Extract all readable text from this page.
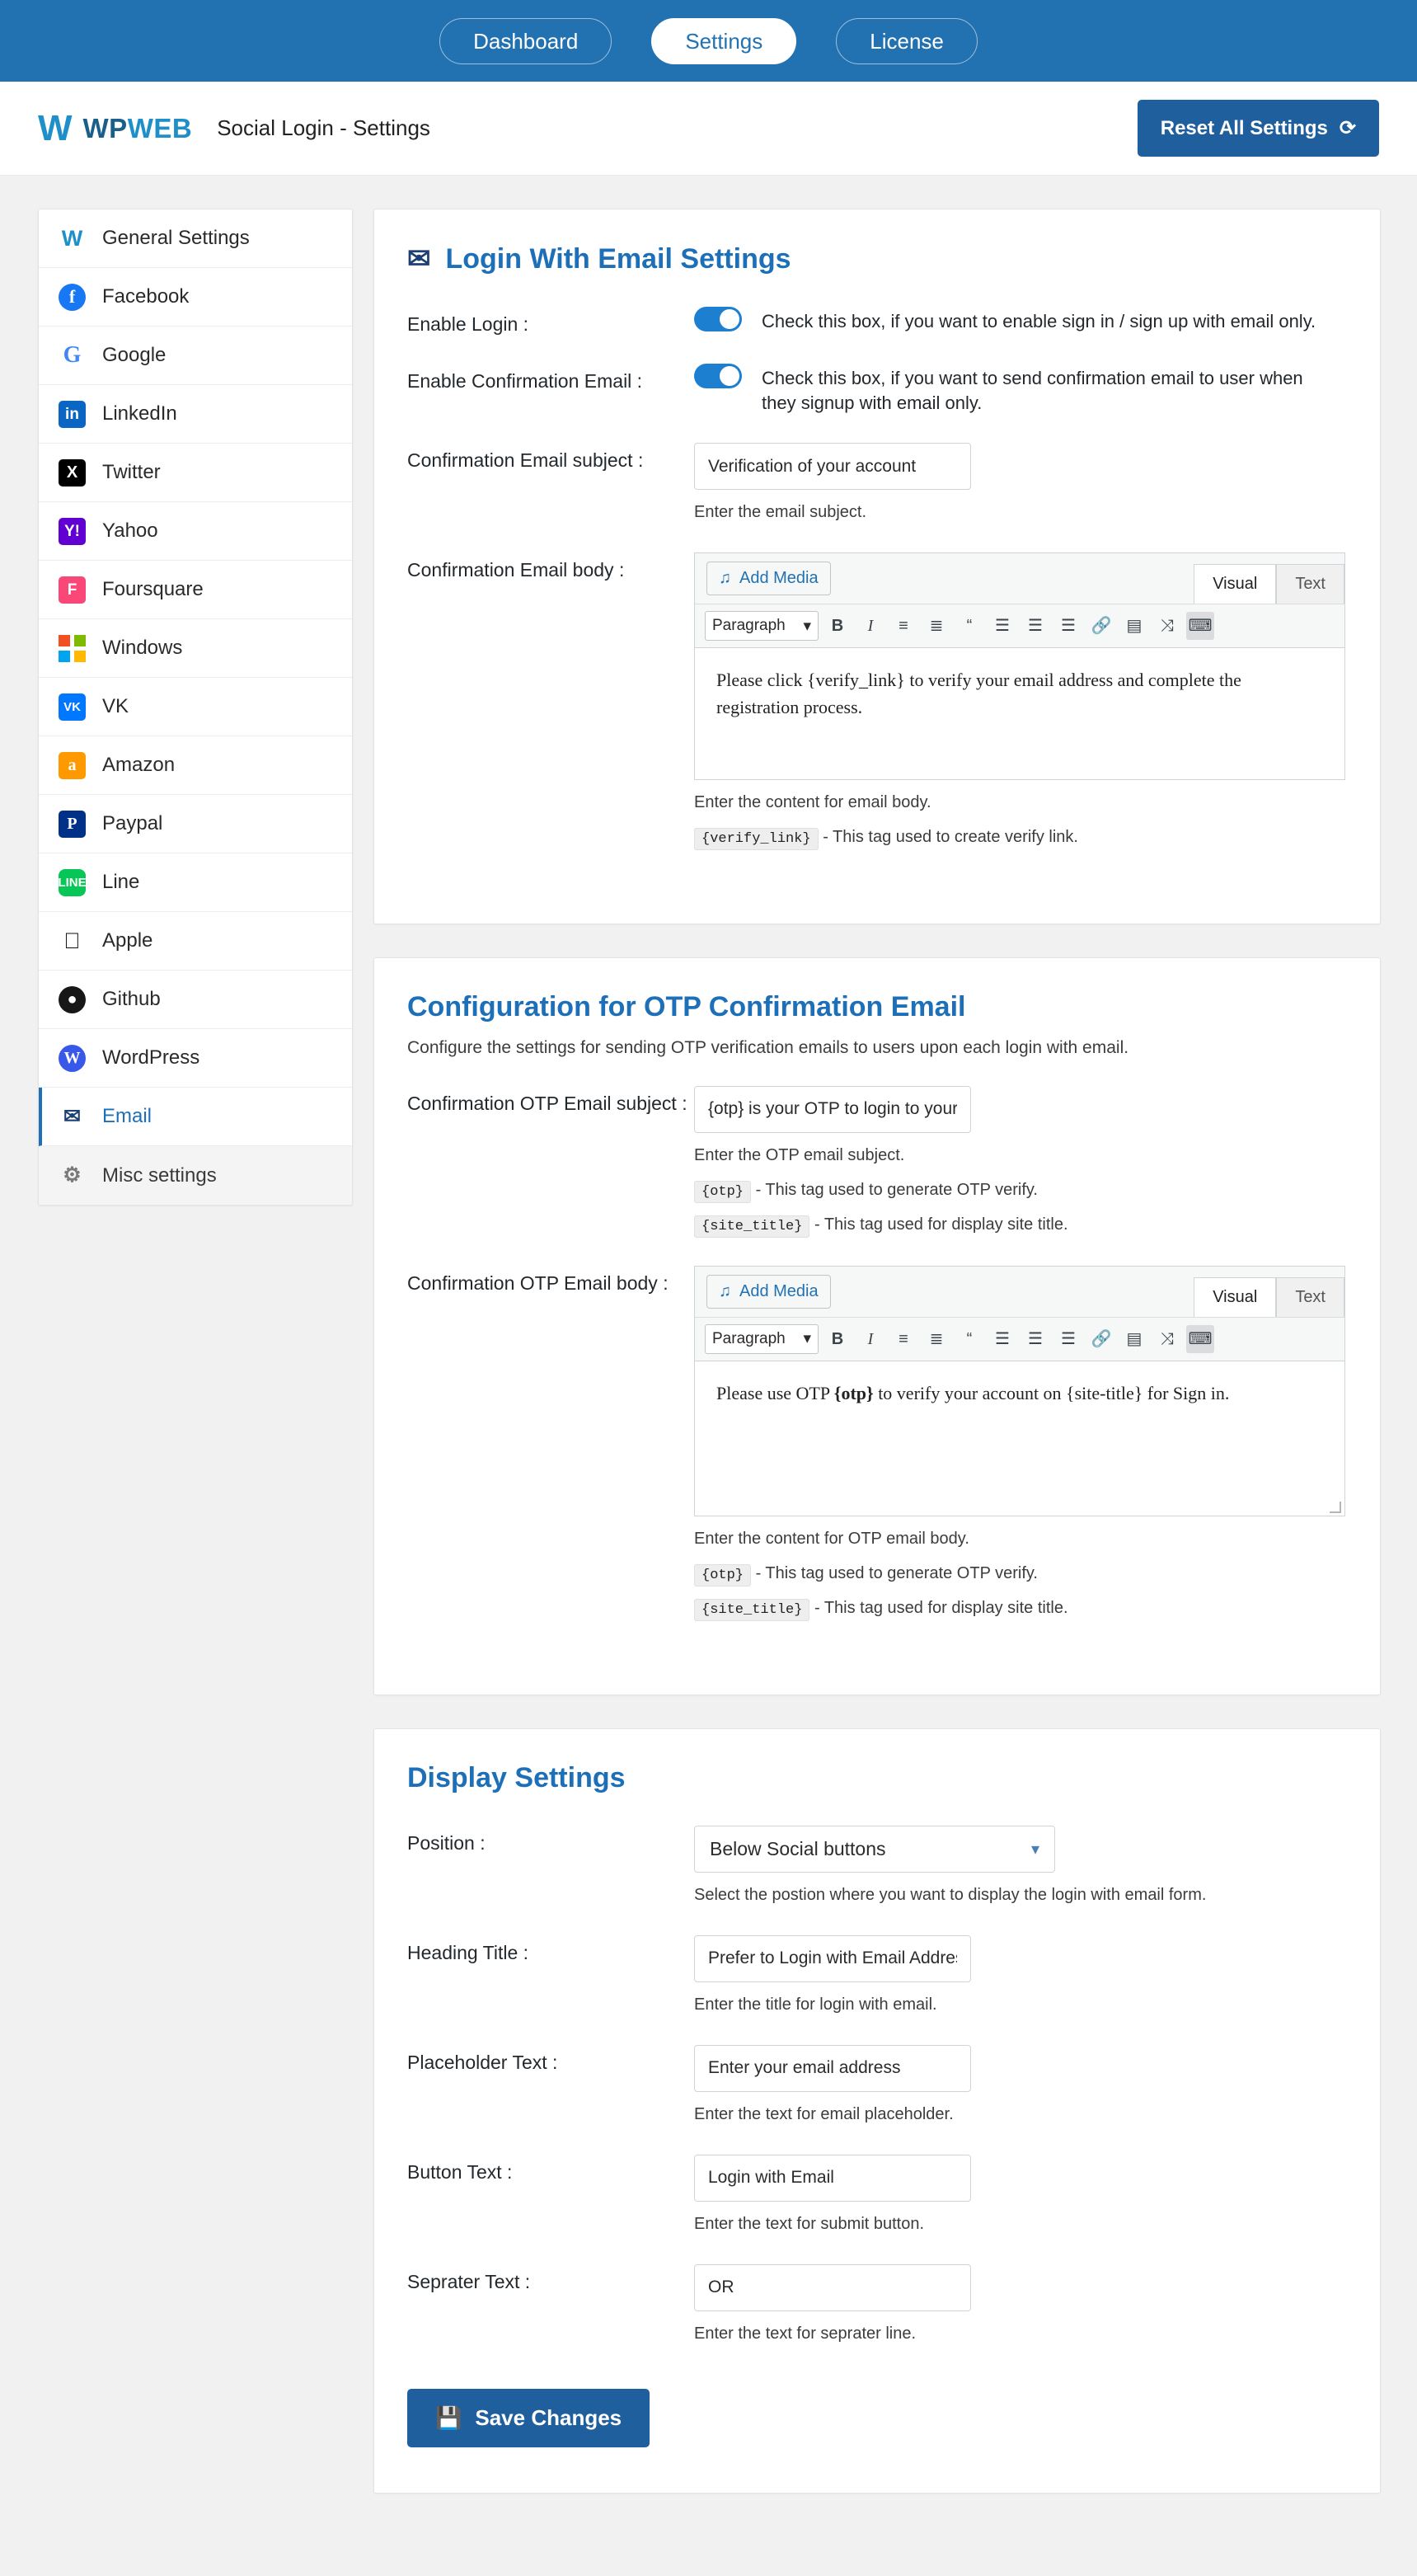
Dashboard	Settings	License
W WPWEB Social Login - Settings	Reset All Settings ⟳
W General Settings
f	Facebook
G Google
in	LinkedIn
X	Twitter
Y! Yahoo
F	Foursquare
Windows
VK VK
a	Amazon
P	Paypal
LINE Line
Apple
●	Github
W WordPress
✉ Email
⚙ Misc settings
✉ Login With Email Settings
Enable Login :	Check this box, if you want to enable sign in / sign up with email only.
Enable Confirmation Email :	Check this box, if you want to send confirmation email to user when they signup with email only.
Confirmation Email subject :
Verification of your account
Enter the email subject.
Confirmation Email body :	♫ Add Media	Visual	Text
Paragraph ▾	B	I	≡	≣	“	☰	☰	☰ 🔗 ▤	⤨ ⌨
Please click {verify_link} to verify your email address and complete the registration process.
Enter the content for email body.
{verify_link} - This tag used to create verify link.
Configuration for OTP Confirmation Email
Configure the settings for sending OTP verification emails to users upon each login with email.
Confirmation OTP Email subject :
{otp} is your OTP to login to your {
Enter the OTP email subject.
{otp} - This tag used to generate OTP verify.
{site_title} - This tag used for display site title.
Confirmation OTP Email body :	♫ Add Media	Visual	Text
Paragraph ▾	B	I	≡	≣	“	☰	☰	☰ 🔗 ▤	⤨ ⌨
Please use OTP {otp} to verify your account on {site-title} for Sign in.
Enter the content for OTP email body.
{otp} - This tag used to generate OTP verify.
{site_title} - This tag used for display site title.
Display Settings
Position :	Below Social buttons	▾
Select the postion where you want to display the login with email form.
Heading Title :
Prefer to Login with Email Address
Enter the title for login with email.
Placeholder Text :
Enter your email address
Enter the text for email placeholder.
Button Text :
Login with Email
Enter the text for submit button.
Seprater Text :
OR
Enter the text for seprater line.
💾 Save Changes
